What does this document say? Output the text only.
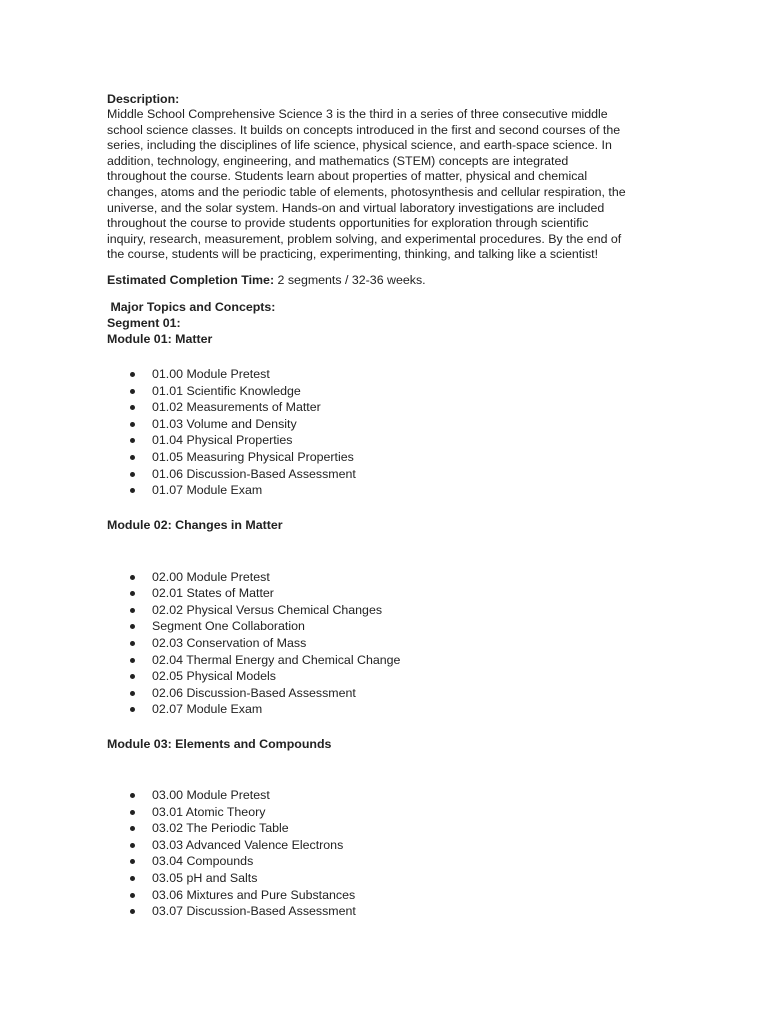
Description:

Middle School Comprehensive Science 3 is the third in a series of three consecutive middle
school science classes. It builds on concepts introduced in the first and second courses of the
series, including the disciplines of life science, physical science, and earth-space science. In
addition, technology, engineering, and mathematics (STEM) concepts are integrated
throughout the course. Students learn about properties of matter, physical and chemical
changes, atoms and the periodic table of elements, photosynthesis and cellular respiration, the
universe, and the solar system. Hands-on and virtual laboratory investigations are included
throughout the course to provide students opportunities for exploration through scientific
inquiry, research, measurement, problem solving, and experimental procedures. By the end of
the course, students will be practicing, experimenting, thinking, and talking like a scientist!

Estimated Completion Time: 2 segments / 32-36 weeks.

Major Topics and Concepts:
Segment 01:
Module 01: Matter
01.00 Module Pretest
01.01 Scientific Knowledge
01.02 Measurements of Matter
01.03 Volume and Density
01.04 Physical Properties
01.05 Measuring Physical Properties
01.06 Discussion-Based Assessment
01.07 Module Exam

Module 02: Changes in Matter

02.00 Module Pretest
02.01 States of Matter
02.02 Physical Versus Chemical Changes
Segment One Collaboration
02.03 Conservation of Mass
02.04 Thermal Energy and Chemical Change
02.05 Physical Models
02.06 Discussion-Based Assessment
02.07 Module Exam

Module 03: Elements and Compounds

03.00 Module Pretest
03.01 Atomic Theory
03.02 The Periodic Table
03.03 Advanced Valence Electrons
03.04 Compounds
03.05 pH and Salts
03.06 Mixtures and Pure Substances
03.07 Discussion-Based Assessment
